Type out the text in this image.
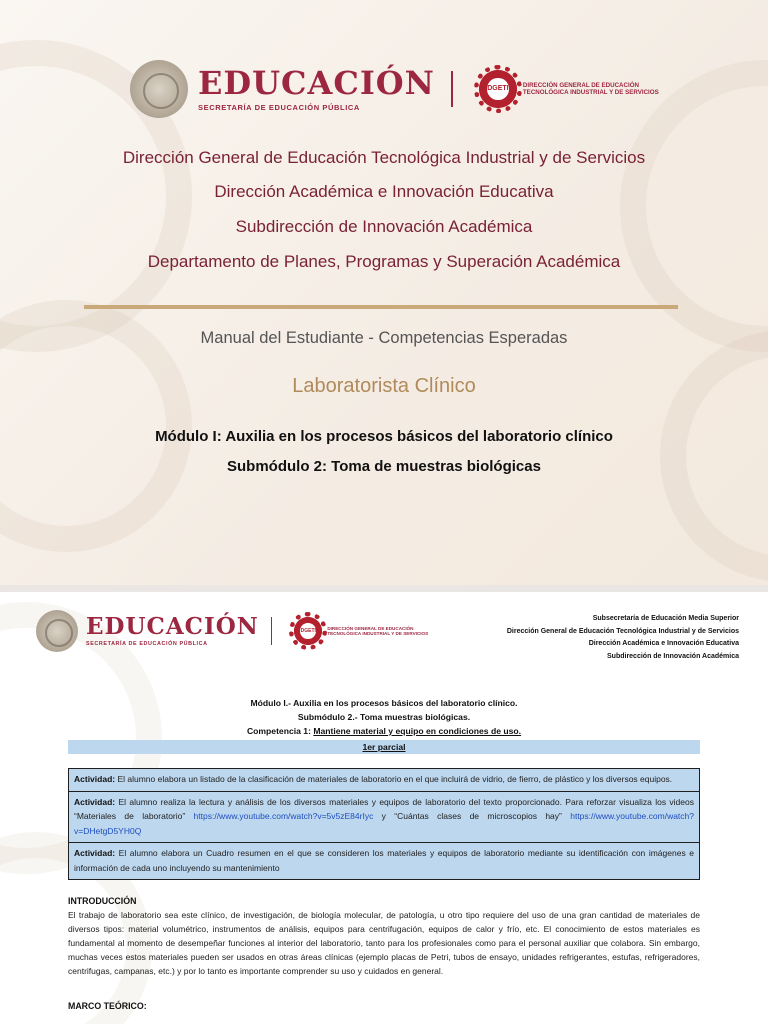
EDUCACIÓN
SECRETARÍA DE EDUCACIÓN PÚBLICA
DGETI
DIRECCIÓN GENERAL DE EDUCACIÓN
TECNOLÓGICA INDUSTRIAL Y DE SERVICIOS
Dirección General de Educación Tecnológica Industrial y de Servicios
Dirección Académica e Innovación Educativa
Subdirección de Innovación Académica
Departamento de Planes, Programas y Superación Académica
Manual del Estudiante - Competencias Esperadas
Laboratorista Clínico
Módulo I: Auxilia en los procesos básicos del laboratorio clínico
Submódulo 2: Toma de muestras biológicas
EDUCACIÓN
SECRETARÍA DE EDUCACIÓN PÚBLICA
DGETI DIRECCIÓN GENERAL DE EDUCACIÓN
TECNOLÓGICA INDUSTRIAL Y DE SERVICIOS
Subsecretaría de Educación Media Superior
Dirección General de Educación Tecnológica Industrial y de Servicios
Dirección Académica e Innovación Educativa
Subdirección de Innovación Académica
Módulo I.- Auxilia en los procesos básicos del laboratorio clínico.
Submódulo 2.- Toma muestras biológicas.
Competencia 1: Mantiene material y equipo en condiciones de uso.
1er parcial
Actividad: El alumno elabora un listado de la clasificación de materiales de laboratorio en el que incluirá de vidrio, de fierro, de plástico y los diversos equipos.
Actividad: El alumno realiza la lectura y análisis de los diversos materiales y equipos de laboratorio del texto proporcionado. Para reforzar visualiza los videos “Materiales de laboratorio” https://www.youtube.com/watch?v=5v5zE84rIyc y “Cuántas clases de microscopios hay” https://www.youtube.com/watch?v=DHetgD5YH0Q
Actividad: El alumno elabora un Cuadro resumen en el que se consideren los materiales y equipos de laboratorio mediante su identificación con imágenes e información de cada uno incluyendo su mantenimiento
INTRODUCCIÓN
El trabajo de laboratorio sea este clínico, de investigación, de biología molecular, de patología, u otro tipo requiere del uso de una gran cantidad de materiales de diversos tipos: material volumétrico, instrumentos de análisis, equipos para centrifugación, equipos de calor y frío, etc. El conocimiento de estos materiales es fundamental al momento de desempeñar funciones al interior del laboratorio, tanto para los profesionales como para el personal auxiliar que colabora. Sin embargo, muchas veces estos materiales pueden ser usados en otras áreas clínicas (ejemplo placas de Petri, tubos de ensayo, unidades refrigerantes, estufas, refrigeradores, centrifugas, campanas, etc.) y por lo tanto es importante comprender su uso y cuidados en general.
MARCO TEÓRICO:
